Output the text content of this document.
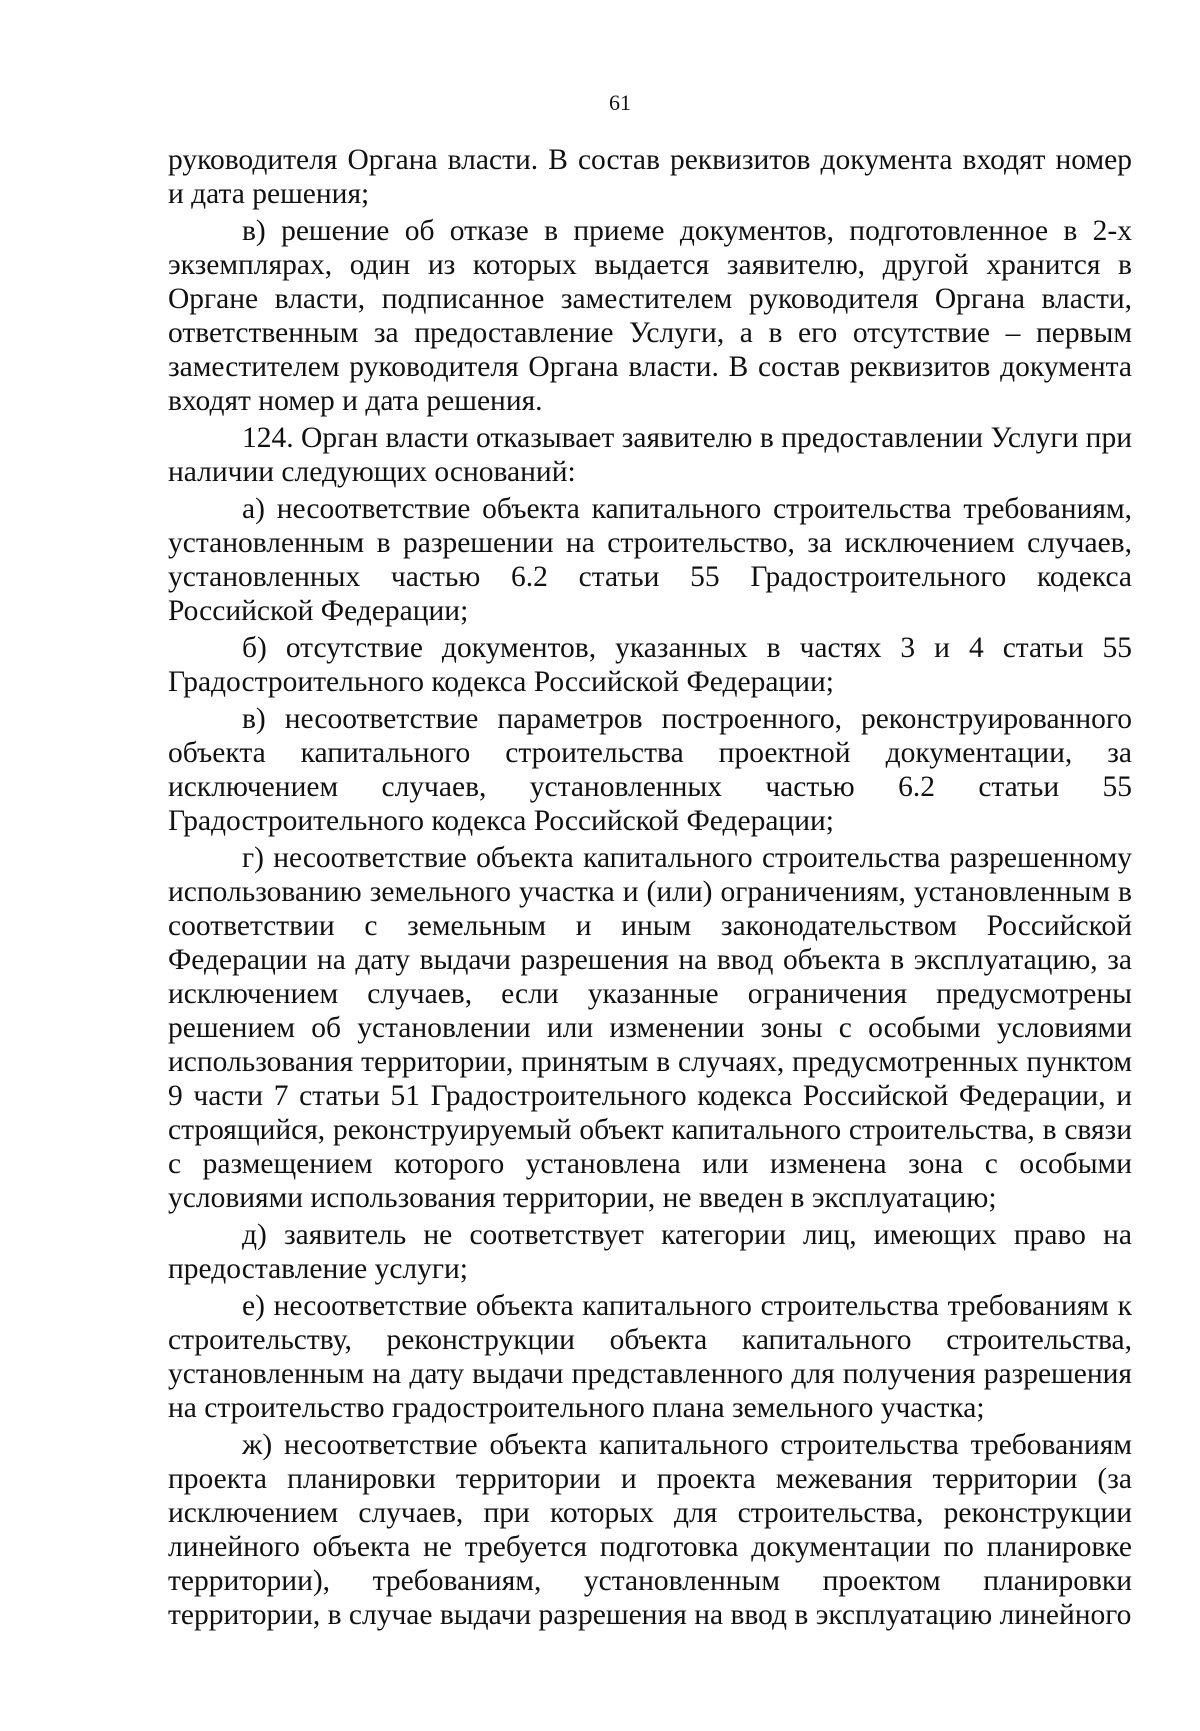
61

руководителя Органа власти. В состав реквизитов документа входят номер и дата решения;

в) решение об отказе в приеме документов, подготовленное в 2-х экземплярах, один из которых выдается заявителю, другой хранится в Органе власти, подписанное заместителем руководителя Органа власти, ответственным за предоставление Услуги, а в его отсутствие – первым заместителем руководителя Органа власти. В состав реквизитов документа входят номер и дата решения.

124. Орган власти отказывает заявителю в предоставлении Услуги при наличии следующих оснований:

а) несоответствие объекта капитального строительства требованиям, установленным в разрешении на строительство, за исключением случаев, установленных частью 6.2 статьи 55 Градостроительного кодекса Российской Федерации;

б) отсутствие документов, указанных в частях 3 и 4 статьи 55 Градостроительного кодекса Российской Федерации;

в) несоответствие параметров построенного, реконструированного объекта капитального строительства проектной документации, за исключением случаев, установленных частью 6.2 статьи 55 Градостроительного кодекса Российской Федерации;

г) несоответствие объекта капитального строительства разрешенному использованию земельного участка и (или) ограничениям, установленным в соответствии с земельным и иным законодательством Российской Федерации на дату выдачи разрешения на ввод объекта в эксплуатацию, за исключением случаев, если указанные ограничения предусмотрены решением об установлении или изменении зоны с особыми условиями использования территории, принятым в случаях, предусмотренных пунктом 9 части 7 статьи 51 Градостроительного кодекса Российской Федерации, и строящийся, реконструируемый объект капитального строительства, в связи с размещением которого установлена или изменена зона с особыми условиями использования территории, не введен в эксплуатацию;

д) заявитель не соответствует категории лиц, имеющих право на предоставление услуги;

е) несоответствие объекта капитального строительства требованиям к строительству, реконструкции объекта капитального строительства, установленным на дату выдачи представленного для получения разрешения на строительство градостроительного плана земельного участка;

ж) несоответствие объекта капитального строительства требованиям проекта планировки территории и проекта межевания территории (за исключением случаев, при которых для строительства, реконструкции линейного объекта не требуется подготовка документации по планировке территории), требованиям, установленным проектом планировки территории, в случае выдачи разрешения на ввод в эксплуатацию линейного
